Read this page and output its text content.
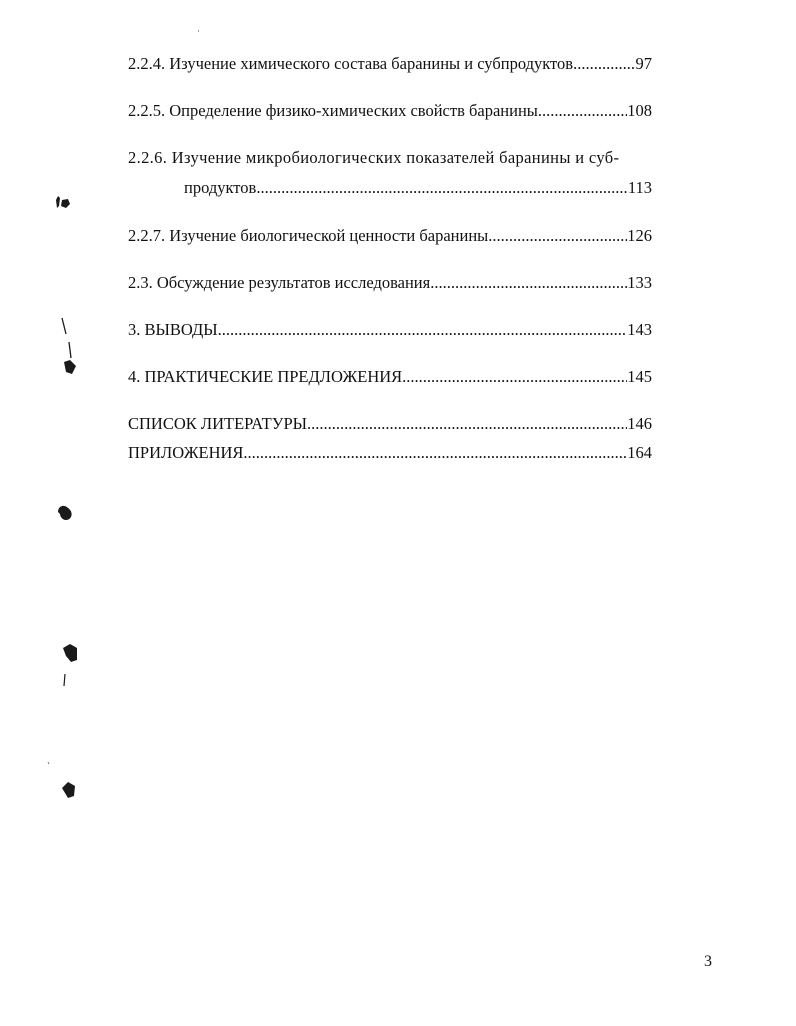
2.2.4. Изучение химического состава баранины и субпродуктов .....	97
2.2.5. Определение физико-химических свойств баранины .....	108
2.2.6. Изучение микробиологических показателей баранины и суб-
продуктов .....	113
2.2.7. Изучение биологической ценности баранины .....	126
2.3. Обсуждение результатов исследования .....	133
3. ВЫВОДЫ .....	143
4. ПРАКТИЧЕСКИЕ ПРЕДЛОЖЕНИЯ .....	145
СПИСОК ЛИТЕРАТУРЫ .....	146
ПРИЛОЖЕНИЯ .....	164
3
